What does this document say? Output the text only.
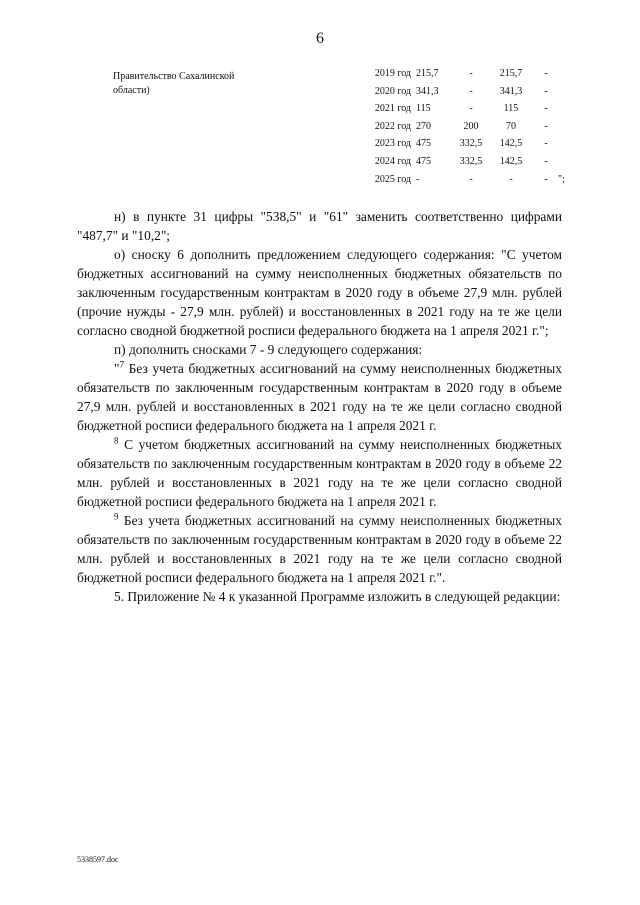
6
Правительство Сахалинской области)
2019 год 215,7	-	215,7	-
2020 год 341,3	-	341,3	-
2021 год 115	-	115	-
2022 год 270	200	70	-
2023 год 475	332,5	142,5	-
2024 год 475	332,5	142,5	-
2025 год -	-	-	-	";

н) в пункте 31 цифры "538,5" и "61" заменить соответственно цифрами "487,7" и "10,2";

о) сноску 6 дополнить предложением следующего содержания: "С учетом бюджетных ассигнований на сумму неисполненных бюджетных обязательств по заключенным государственным контрактам в 2020 году в объеме 27,9 млн. рублей (прочие нужды - 27,9 млн. рублей) и восстановленных в 2021 году на те же цели согласно сводной бюджетной росписи федерального бюджета на 1 апреля 2021 г.";

п) дополнить сносками 7 - 9 следующего содержания:

"$^7$ Без учета бюджетных ассигнований на сумму неисполненных бюджетных обязательств по заключенным государственным контрактам в 2020 году в объеме 27,9 млн. рублей и восстановленных в 2021 году на те же цели согласно сводной бюджетной росписи федерального бюджета на 1 апреля 2021 г.

$^8$ С учетом бюджетных ассигнований на сумму неисполненных бюджетных обязательств по заключенным государственным контрактам в 2020 году в объеме 22 млн. рублей и восстановленных в 2021 году на те же цели согласно сводной бюджетной росписи федерального бюджета на 1 апреля 2021 г.

$^9$ Без учета бюджетных ассигнований на сумму неисполненных бюджетных обязательств по заключенным государственным контрактам в 2020 году в объеме 22 млн. рублей и восстановленных в 2021 году на те же цели согласно сводной бюджетной росписи федерального бюджета на 1 апреля 2021 г.".

5. Приложение № 4 к указанной Программе изложить в следующей редакции:

5338597.doc
